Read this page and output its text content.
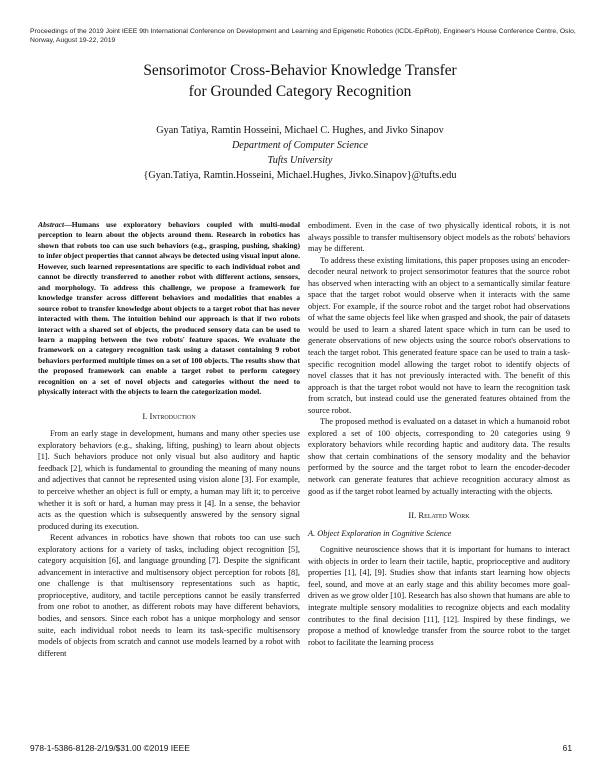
Proceedings of the 2019 Joint IEEE 9th International Conference on Development and Learning and Epigenetic Robotics (ICDL-EpiRob), Engineer's House Conference Centre, Oslo, Norway, August 19-22, 2019
Sensorimotor Cross-Behavior Knowledge Transfer
for Grounded Category Recognition
Gyan Tatiya, Ramtin Hosseini, Michael C. Hughes, and Jivko Sinapov
Department of Computer Science
Tufts University
{Gyan.Tatiya, Ramtin.Hosseini, Michael.Hughes, Jivko.Sinapov}@tufts.edu

Abstract—Humans use exploratory behaviors coupled with multi-modal perception to learn about the objects around them. Research in robotics has shown that robots too can use such behaviors (e.g., grasping, pushing, shaking) to infer object properties that cannot always be detected using visual input alone. However, such learned representations are specific to each individual robot and cannot be directly transferred to another robot with different actions, sensors, and morphology. To address this challenge, we propose a framework for knowledge transfer across different behaviors and modalities that enables a source robot to transfer knowledge about objects to a target robot that has never interacted with them. The intuition behind our approach is that if two robots interact with a shared set of objects, the produced sensory data can be used to learn a mapping between the two robots' feature spaces. We evaluate the framework on a category recognition task using a dataset containing 9 robot behaviors performed multiple times on a set of 100 objects. The results show that the proposed framework can enable a target robot to perform category recognition on a set of novel objects and categories without the need to physically interact with the objects to learn the categorization model.

I. Introduction

From an early stage in development, humans and many other species use exploratory behaviors (e.g., shaking, lifting, pushing) to learn about objects [1]. Such behaviors produce not only visual but also auditory and haptic feedback [2], which is fundamental to grounding the meaning of many nouns and adjectives that cannot be represented using vision alone [3]. For example, to perceive whether an object is full or empty, a human may lift it; to perceive whether it is soft or hard, a human may press it [4]. In a sense, the behavior acts as the question which is subsequently answered by the sensory signal produced during its execution.

Recent advances in robotics have shown that robots too can use such exploratory actions for a variety of tasks, including object recognition [5], category acquisition [6], and language grounding [7]. Despite the significant advancement in interactive and multisensory object perception for robots [8], one challenge is that multisensory representations such as haptic, proprioceptive, auditory, and tactile perceptions cannot be easily transferred from one robot to another, as different robots may have different behaviors, bodies, and sensors. Since each robot has a unique morphology and sensor suite, each individual robot needs to learn its task-specific multisensory models of objects from scratch and cannot use models learned by a robot with different

embodiment. Even in the case of two physically identical robots, it is not always possible to transfer multisensory object models as the robots' behaviors may be different.

To address these existing limitations, this paper proposes using an encoder-decoder neural network to project sensorimotor features that the source robot has observed when interacting with an object to a semantically similar feature space that the target robot would observe when it interacts with the same object. For example, if the source robot and the target robot had observations of what the same objects feel like when grasped and shook, the pair of datasets would be used to learn a shared latent space which in turn can be used to generate observations of new objects using the source robot's observations to teach the target robot. This generated feature space can be used to train a task-specific recognition model allowing the target robot to identify objects of novel classes that it has not previously interacted with. The benefit of this approach is that the target robot would not have to learn the recognition task from scratch, but instead could use the generated features obtained from the source robot.

The proposed method is evaluated on a dataset in which a humanoid robot explored a set of 100 objects, corresponding to 20 categories using 9 exploratory behaviors while recording haptic and auditory data. The results show that certain combinations of the sensory modality and the behavior performed by the source and the target robot to learn the encoder-decoder network can generate features that achieve recognition accuracy almost as good as if the target robot learned by actually interacting with the objects.

II. Related Work
A. Object Exploration in Cognitive Science

Cognitive neuroscience shows that it is important for humans to interact with objects in order to learn their tactile, haptic, proprioceptive and auditory properties [1], [4], [9]. Studies show that infants start learning how objects feel, sound, and move at an early stage and this ability becomes more goal-driven as we grow older [10]. Research has also shown that humans are able to integrate multiple sensory modalities to recognize objects and each modality contributes to the final decision [11], [12]. Inspired by these findings, we propose a method of knowledge transfer from the source robot to the target robot to facilitate the learning process

978-1-5386-8128-2/19/$31.00 ©2019 IEEE	61
